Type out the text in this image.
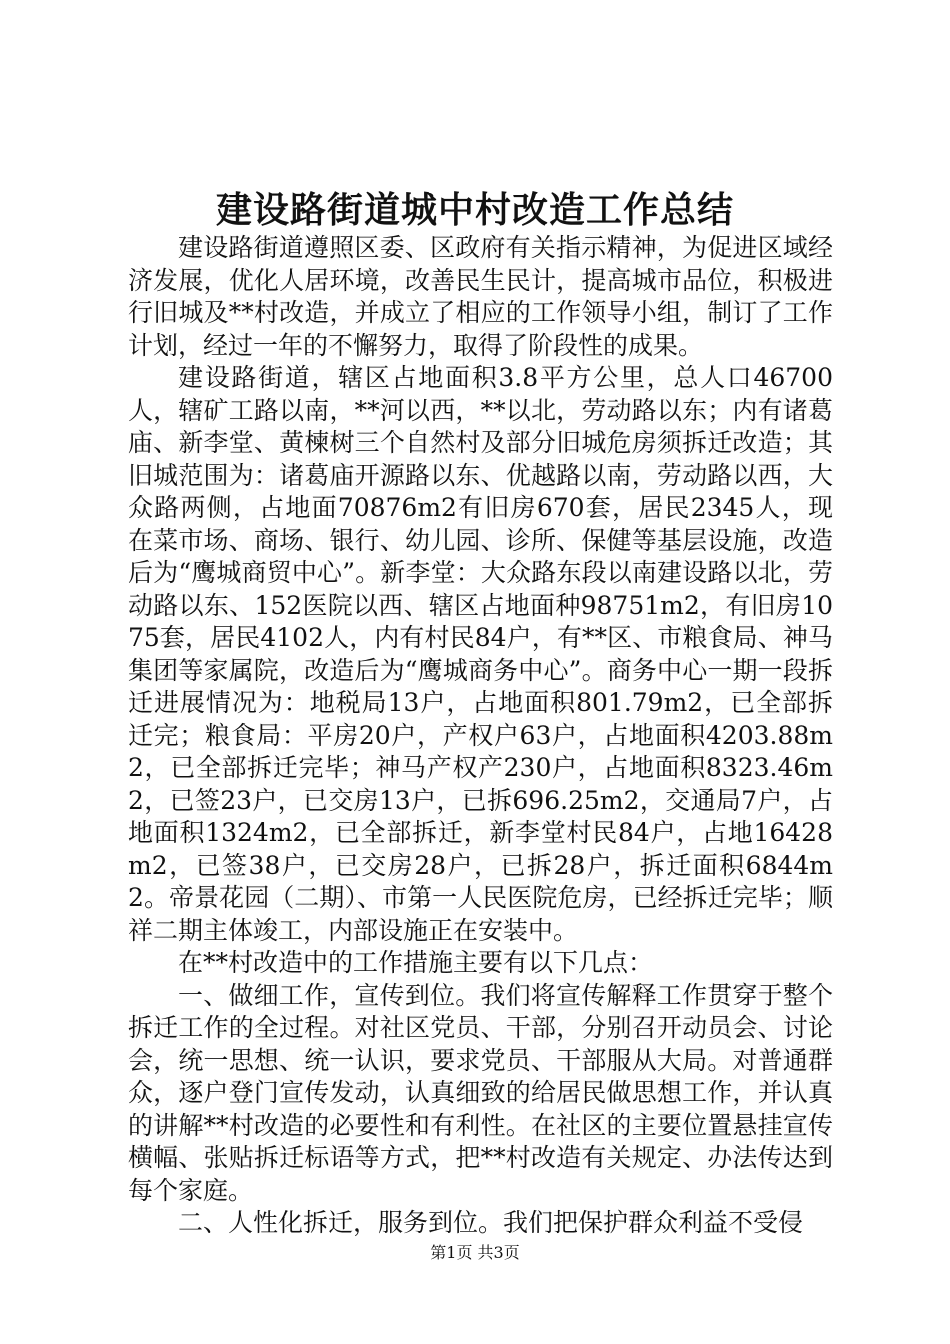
建设路街道城中村改造工作总结

建设路街道遵照区委、区政府有关指示精神，为促进区域经济发展，优化人居环境，改善民生民计，提高城市品位，积极进行旧城及**村改造，并成立了相应的工作领导小组，制订了工作计划，经过一年的不懈努力，取得了阶段性的成果。

建设路街道，辖区占地面积3.8平方公里，总人口46700人，辖矿工路以南，**河以西，**以北，劳动路以东；内有诸葛庙、新李堂、黄楝树三个自然村及部分旧城危房须拆迁改造；其旧城范围为：诸葛庙开源路以东、优越路以南，劳动路以西，大众路两侧，占地面70876m2有旧房670套，居民2345人，现在菜市场、商场、银行、幼儿园、诊所、保健等基层设施，改造后为“鹰城商贸中心”。新李堂：大众路东段以南建设路以北，劳动路以东、152医院以西、辖区占地面种98751m2，有旧房1075套，居民4102人，内有村民84户，有**区、市粮食局、神马集团等家属院，改造后为“鹰城商务中心”。商务中心一期一段拆迁进展情况为：地税局13户，占地面积801.79m2，已全部拆迁完；粮食局：平房20户，产权户63户，占地面积4203.88m2，已全部拆迁完毕；神马产权产230户，占地面积8323.46m2，已签23户，已交房13户，已拆696.25m2，交通局7户，占地面积1324m2，已全部拆迁，新李堂村民84户，占地16428m2，已签38户，已交房28户，已拆28户，拆迁面积6844m2。帝景花园（二期）、市第一人民医院危房，已经拆迁完毕；顺祥二期主体竣工，内部设施正在安装中。

在**村改造中的工作措施主要有以下几点：

一、做细工作，宣传到位。我们将宣传解释工作贯穿于整个拆迁工作的全过程。对社区党员、干部，分别召开动员会、讨论会，统一思想、统一认识，要求党员、干部服从大局。对普通群众，逐户登门宣传发动，认真细致的给居民做思想工作，并认真的讲解**村改造的必要性和有利性。在社区的主要位置悬挂宣传横幅、张贴拆迁标语等方式，把**村改造有关规定、办法传达到每个家庭。

二、人性化拆迁，服务到位。我们把保护群众利益不受侵

第1页 共3页
